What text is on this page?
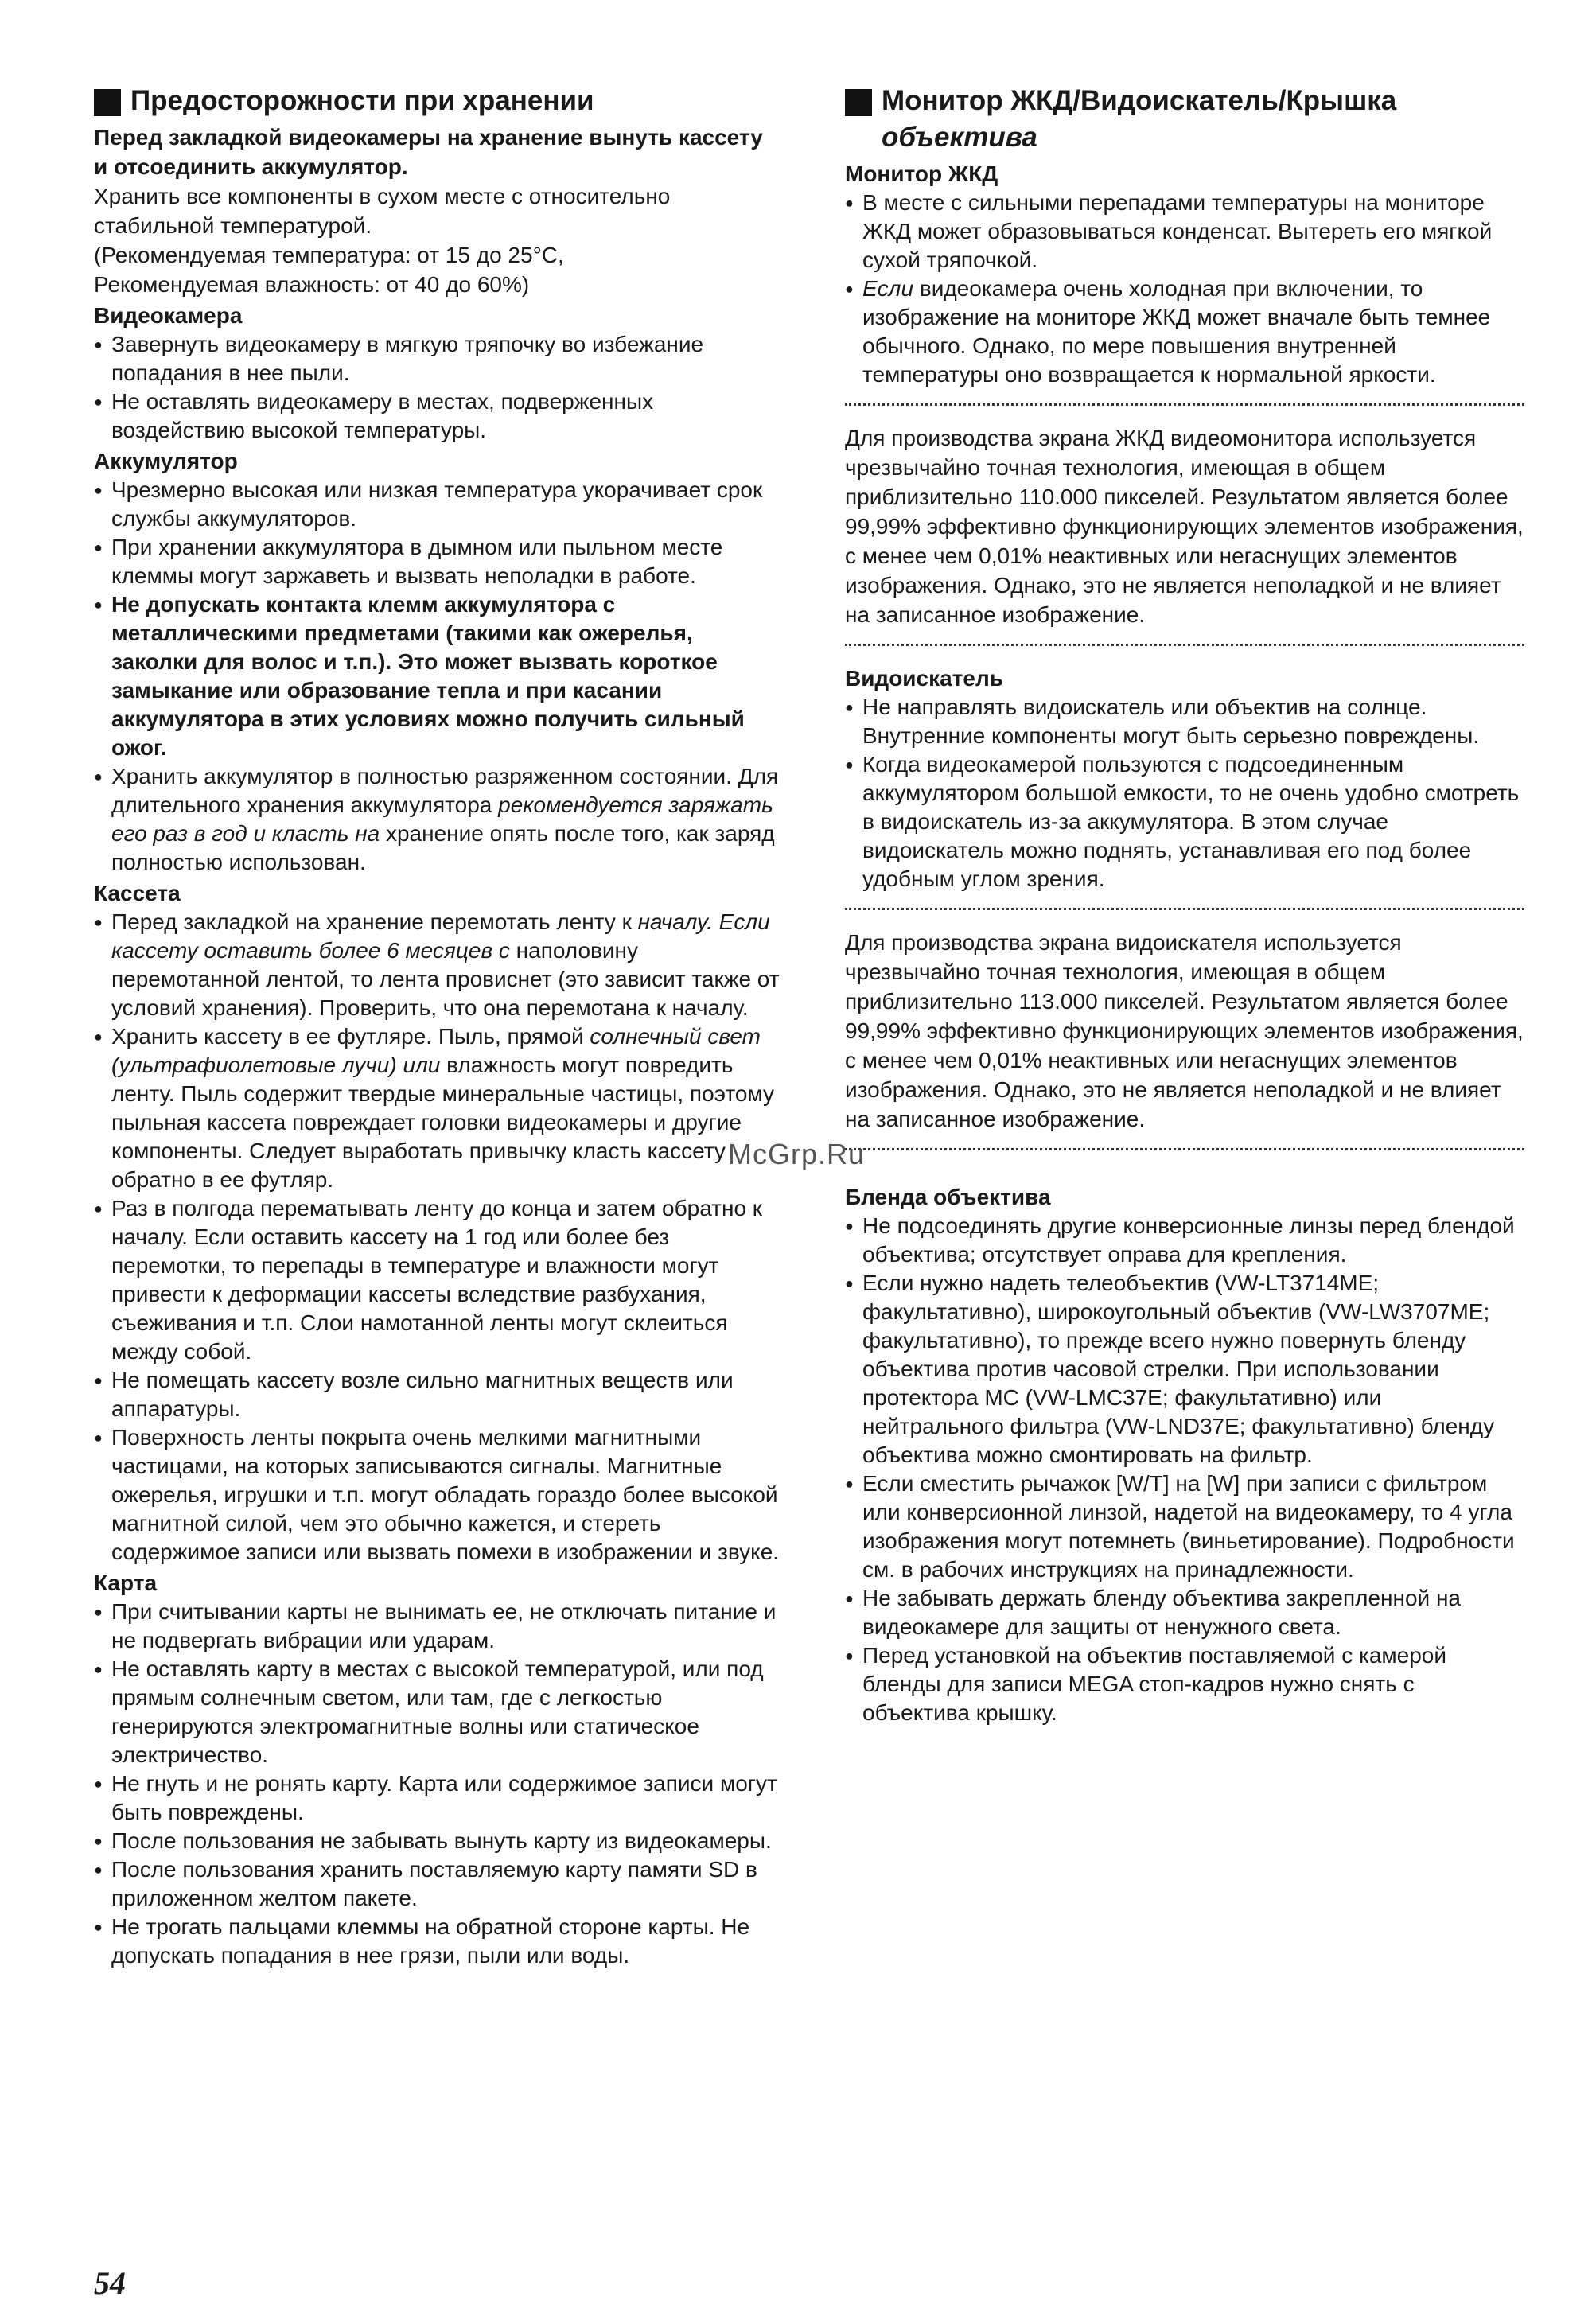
Предосторожности при хранении

Перед закладкой видеокамеры на хранение вынуть кассету и отсоединить аккумулятор.

Хранить все компоненты в сухом месте с относительно стабильной температурой.

(Рекомендуемая температура: от 15 до 25°C,

Рекомендуемая влажность: от 40 до 60%)

Видеокамера
● Завернуть видеокамеру в мягкую тряпочку во избежание попадания в нее пыли.
● Не оставлять видеокамеру в местах, подверженных воздействию высокой температуры.
Аккумулятор
● Чрезмерно высокая или низкая температура укорачивает срок службы аккумуляторов.
● При хранении аккумулятора в дымном или пыльном месте клеммы могут заржаветь и вызвать неполадки в работе.
● Не допускать контакта клемм аккумулятора с металлическими предметами (такими как ожерелья, заколки для волос и т.п.). Это может вызвать короткое замыкание или образование тепла и при касании аккумулятора в этих условиях можно получить сильный ожог.
● Хранить аккумулятор в полностью разряженном состоянии. Для длительного хранения аккумулятора рекомендуется заряжать его раз в год и класть на хранение опять после того, как заряд полностью использован.
Кассета
● Перед закладкой на хранение перемотать ленту к началу. Если кассету оставить более 6 месяцев с наполовину перемотанной лентой, то лента провиснет (это зависит также от условий хранения). Проверить, что она перемотана к началу.
● Хранить кассету в ее футляре. Пыль, прямой солнечный свет (ультрафиолетовые лучи) или влажность могут повредить ленту. Пыль содержит твердые минеральные частицы, поэтому пыльная кассета повреждает головки видеокамеры и другие компоненты. Следует выработать привычку класть кассету обратно в ее футляр.
● Раз в полгода перематывать ленту до конца и затем обратно к началу. Если оставить кассету на 1 год или более без перемотки, то перепады в температуре и влажности могут привести к деформации кассеты вследствие разбухания, съеживания и т.п. Слои намотанной ленты могут склеиться между собой.
● Не помещать кассету возле сильно магнитных веществ или аппаратуры.
● Поверхность ленты покрыта очень мелкими магнитными частицами, на которых записываются сигналы. Магнитные ожерелья, игрушки и т.п. могут обладать гораздо более высокой магнитной силой, чем это обычно кажется, и стереть содержимое записи или вызвать помехи в изображении и звуке.
Карта
● При считывании карты не вынимать ее, не отключать питание и не подвергать вибрации или ударам.
● Не оставлять карту в местах с высокой температурой, или под прямым солнечным светом, или там, где с легкостью генерируются электромагнитные волны или статическое электричество.
● Не гнуть и не ронять карту. Карта или содержимое записи могут быть повреждены.
● После пользования не забывать вынуть карту из видеокамеры.
● После пользования хранить поставляемую карту памяти SD в приложенном желтом пакете.
● Не трогать пальцами клеммы на обратной стороне карты. Не допускать попадания в нее грязи, пыли или воды.
Монитор ЖКД/Видоискатель/Крышка
объектива
Монитор ЖКД
● В месте с сильными перепадами температуры на мониторе ЖКД может образовываться конденсат. Вытереть его мягкой сухой тряпочкой.
● Если видеокамера очень холодная при включении, то изображение на мониторе ЖКД может вначале быть темнее обычного. Однако, по мере повышения внутренней температуры оно возвращается к нормальной яркости.

Для производства экрана ЖКД видеомонитора используется чрезвычайно точная технология, имеющая в общем приблизительно 110.000 пикселей. Результатом является более 99,99% эффективно функционирующих элементов изображения, с менее чем 0,01% неактивных или негаснущих элементов изображения. Однако, это не является неполадкой и не влияет на записанное изображение.

Видоискатель
● Не направлять видоискатель или объектив на солнце. Внутренние компоненты могут быть серьезно повреждены.
● Когда видеокамерой пользуются с подсоединенным аккумулятором большой емкости, то не очень удобно смотреть в видоискатель из-за аккумулятора. В этом случае видоискатель можно поднять, устанавливая его под более удобным углом зрения.

Для производства экрана видоискателя используется чрезвычайно точная технология, имеющая в общем приблизительно 113.000 пикселей. Результатом является более 99,99% эффективно функционирующих элементов изображения, с менее чем 0,01% неактивных или негаснущих элементов изображения. Однако, это не является неполадкой и не влияет на записанное изображение.

Бленда объектива
● Не подсоединять другие конверсионные линзы перед блендой объектива; отсутствует оправа для крепления.
● Если нужно надеть телеобъектив (VW-LT3714ME; факультативно), широкоугольный объектив (VW-LW3707ME; факультативно), то прежде всего нужно повернуть бленду объектива против часовой стрелки. При использовании протектора MC (VW-LMC37E; факультативно) или нейтрального фильтра (VW-LND37E; факультативно) бленду объектива можно смонтировать на фильтр.
● Если сместить рычажок [W/T] на [W] при записи с фильтром или конверсионной линзой, надетой на видеокамеру, то 4 угла изображения могут потемнеть (виньетирование). Подробности см. в рабочих инструкциях на принадлежности.
● Не забывать держать бленду объектива закрепленной на видеокамере для защиты от ненужного света.
● Перед установкой на объектив поставляемой с камерой бленды для записи MEGA стоп-кадров нужно снять с объектива крышку.
McGrp.Ru
54
